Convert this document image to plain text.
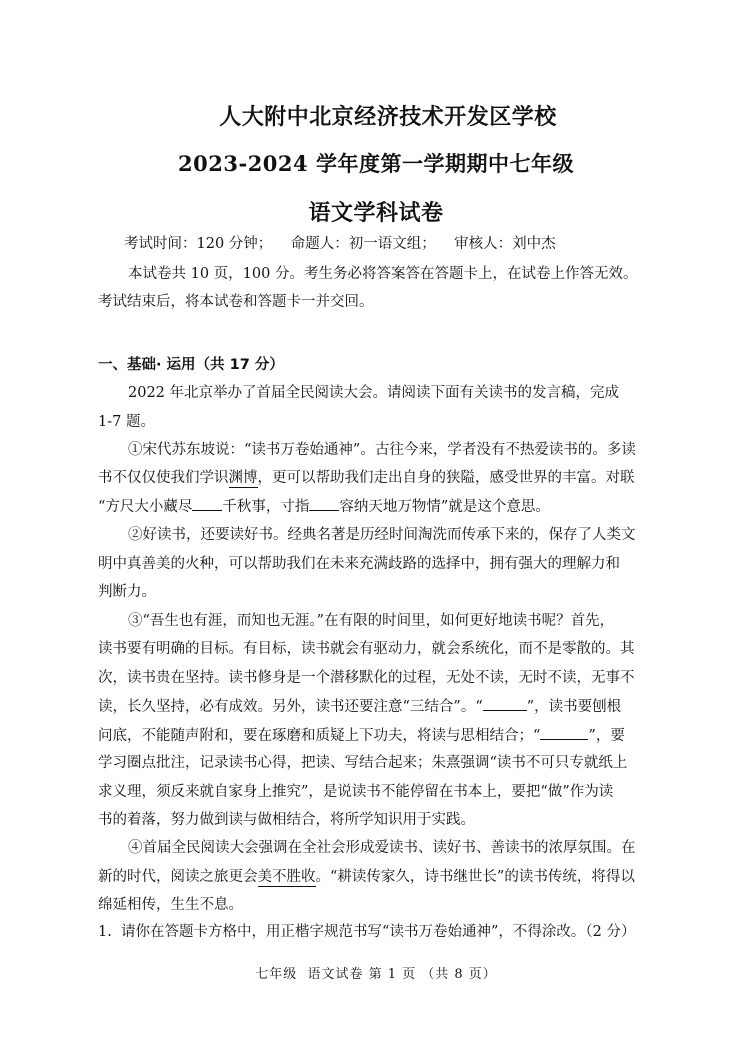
人大附中北京经济技术开发区学校
2023-2024 学年度第一学期期中七年级
语文学科试卷
考试时间：120 分钟；    命题人：初一语文组；    审核人：刘中杰
本试卷共 10 页，100 分。考生务必将答案答在答题卡上，在试卷上作答无效。
考试结束后，将本试卷和答题卡一并交回。
一、基础· 运用（共 17 分）
2022 年北京举办了首届全民阅读大会。请阅读下面有关读书的发言稿，完成
1-7 题。
①宋代苏东坡说：“读书万卷始通神”。古往今来，学者没有不热爱读书的。多读
书不仅仅使我们学识渊博，更可以帮助我们走出自身的狭隘，感受世界的丰富。对联
“方尺大小藏尽 千秋事，寸指 容纳天地万物情”就是这个意思。
②好读书，还要读好书。经典名著是历经时间淘洗而传承下来的，保存了人类文
明中真善美的火种，可以帮助我们在未来充满歧路的选择中，拥有强大的理解力和
判断力。
③“吾生也有涯，而知也无涯。”在有限的时间里，如何更好地读书呢？首先，
读书要有明确的目标。有目标，读书就会有驱动力，就会系统化，而不是零散的。其
次，读书贵在坚持。读书修身是一个潜移默化的过程，无处不读，无时不读，无事不
读，长久坚持，必有成效。另外，读书还要注意“三结合”。“	”，读书要刨根
问底，不能随声附和，要在琢磨和质疑上下功夫，将读与思相结合；“	”，要
学习圈点批注，记录读书心得，把读、写结合起来；朱熹强调“读书不可只专就纸上
求义理，须反来就自家身上推究”，是说读书不能停留在书本上，要把“做”作为读
书的着落，努力做到读与做相结合，将所学知识用于实践。
④首届全民阅读大会强调在全社会形成爱读书、读好书、善读书的浓厚氛围。在
新的时代，阅读之旅更会美不胜收。“耕读传家久，诗书继世长”的读书传统，将得以
绵延相传，生生不息。
1.  请你在答题卡方格中，用正楷字规范书写“读书万卷始通神”，不得涂改。（2 分）
七年级  语文试卷 第 1 页 （共 8 页）
